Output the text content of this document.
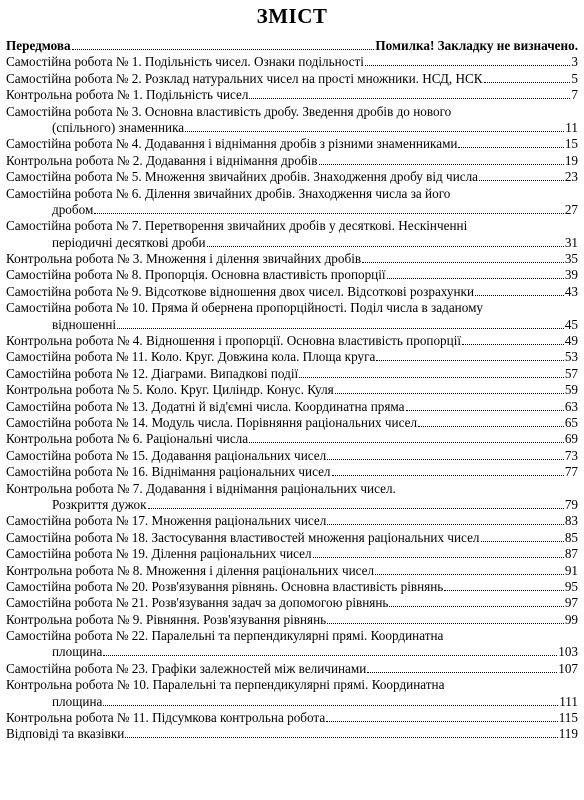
ЗМІСТ
Передмова	Помилка! Закладку не визначено.
Самостійна робота № 1. Подільність чисел. Ознаки подільності	3
Самостійна робота № 2. Розклад натуральних чисел на прості множники. НСД, НСК	5
Контрольна робота № 1. Подільність чисел	7
Самостійна робота № 3. Основна властивість дробу. Зведення дробів до нового
(спільного) знаменника	11
Самостійна робота № 4. Додавання і віднімання дробів з різними знаменниками	15
Контрольна робота № 2. Додавання і віднімання дробів	19
Самостійна робота № 5. Множення звичайних дробів. Знаходження дробу від числа	23
Самостійна робота № 6. Ділення звичайних дробів. Знаходження числа за його
дробом	27
Самостійна робота № 7. Перетворення звичайних дробів у десяткові. Нескінченні
періодичні десяткові дроби	31
Контрольна робота № 3. Множення і ділення звичайних дробів	35
Самостійна робота № 8. Пропорція. Основна властивість пропорції	39
Самостійна робота № 9. Відсоткове відношення двох чисел. Відсоткові розрахунки	43
Самостійна робота № 10. Пряма й обернена пропорційності. Поділ числа в заданому
відношенні	45
Контрольна робота № 4. Відношення і пропорції. Основна властивість пропорції	49
Самостійна робота № 11. Коло. Круг. Довжина кола. Площа круга	53
Самостійна робота № 12. Діаграми. Випадкові події	57
Контрольна робота № 5. Коло. Круг. Циліндр. Конус. Куля	59
Самостійна робота № 13. Додатні й від'ємні числа. Координатна пряма	63
Самостійна робота № 14. Модуль числа. Порівняння раціональних чисел	65
Контрольна робота № 6. Раціональні числа	69
Самостійна робота № 15. Додавання раціональних чисел	73
Самостійна робота № 16. Віднімання раціональних чисел	77
Контрольна робота № 7. Додавання і віднімання раціональних чисел.
Розкриття дужок	79
Самостійна робота № 17. Множення раціональних чисел	83
Самостійна робота № 18. Застосування властивостей множення раціональних чисел	85
Самостійна робота № 19. Ділення раціональних чисел	87
Контрольна робота № 8. Множення і ділення раціональних чисел	91
Самостійна робота № 20. Розв'язування рівнянь. Основна властивість рівнянь	95
Самостійна робота № 21. Розв'язування задач за допомогою рівнянь	97
Контрольна робота № 9. Рівняння. Розв'язування рівнянь	99
Самостійна робота № 22. Паралельні та перпендикулярні прямі. Координатна
площина	103
Самостійна робота № 23. Графіки залежностей між величинами	107
Контрольна робота № 10. Паралельні та перпендикулярні прямі. Координатна
площина	111
Контрольна робота № 11. Підсумкова контрольна робота	115
Відповіді та вказівки	119
